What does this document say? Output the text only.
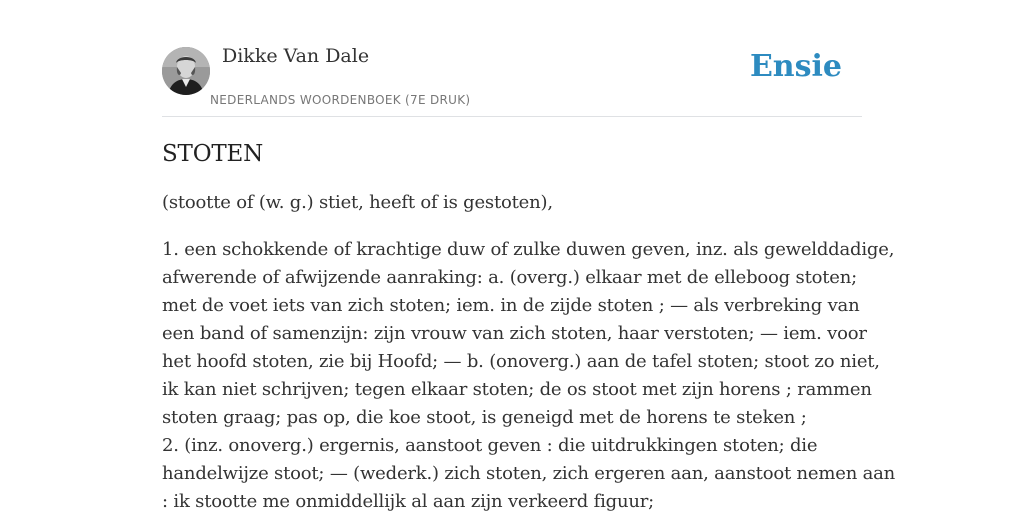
Dikke Van Dale
NEDERLANDS WOORDENBOEK (7E DRUK)
Ensie
STOTEN

(stootte of (w. g.) stiet, heeft of is gestoten),

1. een schokkende of krachtige duw of zulke duwen geven, inz. als gewelddadige,
afwerende of afwijzende aanraking: a. (overg.) elkaar met de elleboog stoten;
met de voet iets van zich stoten; iem. in de zijde stoten ; — als verbreking van
een band of samenzijn: zijn vrouw van zich stoten, haar verstoten; — iem. voor
het hoofd stoten, zie bij Hoofd; — b. (onoverg.) aan de tafel stoten; stoot zo niet,
ik kan niet schrijven; tegen elkaar stoten; de os stoot met zijn horens ; rammen
stoten graag; pas op, die koe stoot, is geneigd met de horens te steken ;
2. (inz. onoverg.) ergernis, aanstoot geven : die uitdrukkingen stoten; die
handelwijze stoot; — (wederk.) zich stoten, zich ergeren aan, aanstoot nemen aan
: ik stootte me onmiddellijk al aan zijn verkeerd figuur;
